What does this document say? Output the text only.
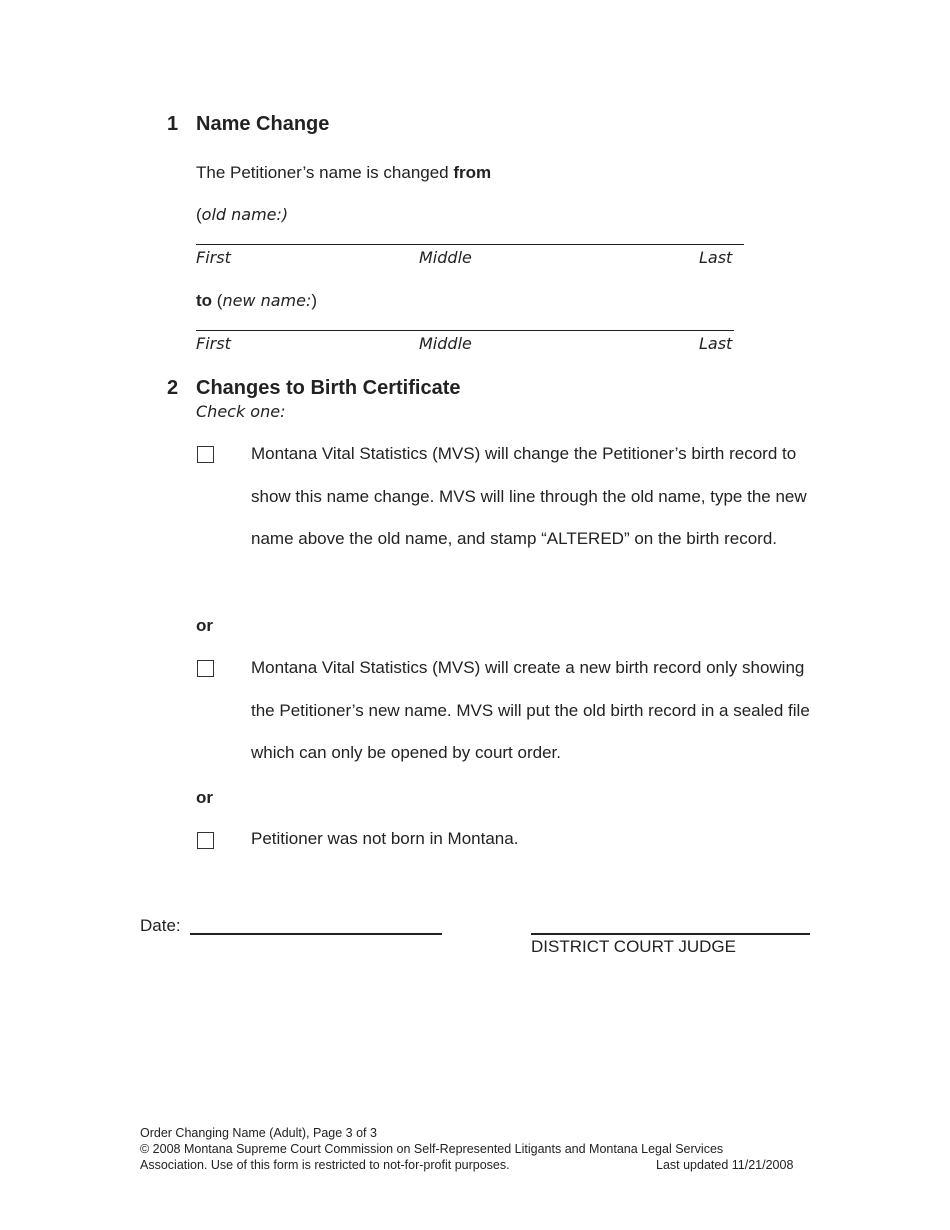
1 Name Change
The Petitioner’s name is changed from
(old name:)
First	Middle	Last
to (new name:)
First	Middle	Last
2 Changes to Birth Certificate
Check one:
Montana Vital Statistics (MVS) will change the Petitioner’s birth record to show this name change. MVS will line through the old name, type the new name above the old name, and stamp “ALTERED” on the birth record.
or
Montana Vital Statistics (MVS) will create a new birth record only showing the Petitioner’s new name. MVS will put the old birth record in a sealed file which can only be opened by court order.
or
Petitioner was not born in Montana.
Date:
DISTRICT COURT JUDGE
Order Changing Name (Adult), Page 3 of 3
© 2008 Montana Supreme Court Commission on Self-Represented Litigants and Montana Legal Services
Association. Use of this form is restricted to not-for-profit purposes.	Last updated 11/21/2008
